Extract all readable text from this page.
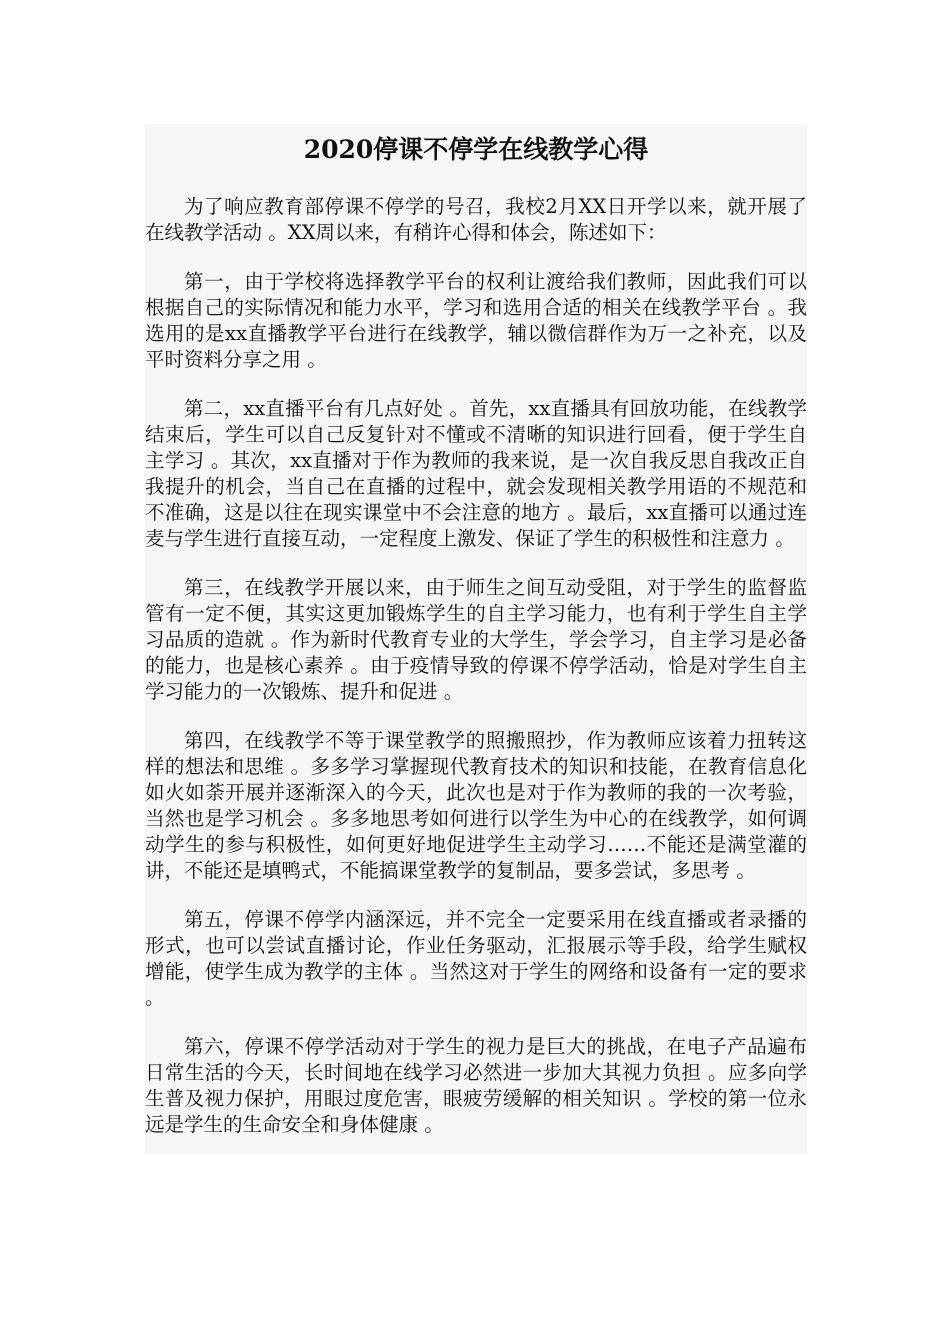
2020停课不停学在线教学心得

为了响应教育部停课不停学的号召，我校2月XX日开学以来，就开展了在线教学活动 。XX周以来，有稍许心得和体会，陈述如下：

第一，由于学校将选择教学平台的权利让渡给我们教师，因此我们可以根据自己的实际情况和能力水平，学习和选用合适的相关在线教学平台 。我选用的是xx直播教学平台进行在线教学，辅以微信群作为万一之补充，以及平时资料分享之用 。

第二，xx直播平台有几点好处 。首先，xx直播具有回放功能，在线教学结束后，学生可以自己反复针对不懂或不清晰的知识进行回看，便于学生自主学习 。其次，xx直播对于作为教师的我来说，是一次自我反思自我改正自我提升的机会，当自己在直播的过程中，就会发现相关教学用语的不规范和不准确，这是以往在现实课堂中不会注意的地方 。最后，xx直播可以通过连麦与学生进行直接互动，一定程度上激发、保证了学生的积极性和注意力 。

第三，在线教学开展以来，由于师生之间互动受阻，对于学生的监督监管有一定不便，其实这更加锻炼学生的自主学习能力，也有利于学生自主学习品质的造就 。作为新时代教育专业的大学生，学会学习，自主学习是必备的能力，也是核心素养 。由于疫情导致的停课不停学活动，恰是对学生自主学习能力的一次锻炼、提升和促进 。

第四，在线教学不等于课堂教学的照搬照抄，作为教师应该着力扭转这样的想法和思维 。多多学习掌握现代教育技术的知识和技能，在教育信息化如火如荼开展并逐渐深入的今天，此次也是对于作为教师的我的一次考验，当然也是学习机会 。多多地思考如何进行以学生为中心的在线教学，如何调动学生的参与积极性，如何更好地促进学生主动学习……不能还是满堂灌的讲，不能还是填鸭式，不能搞课堂教学的复制品，要多尝试，多思考 。

第五，停课不停学内涵深远，并不完全一定要采用在线直播或者录播的形式，也可以尝试直播讨论，作业任务驱动，汇报展示等手段，给学生赋权增能，使学生成为教学的主体 。当然这对于学生的网络和设备有一定的要求 。

第六，停课不停学活动对于学生的视力是巨大的挑战，在电子产品遍布日常生活的今天，长时间地在线学习必然进一步加大其视力负担 。应多向学生普及视力保护，用眼过度危害，眼疲劳缓解的相关知识 。学校的第一位永远是学生的生命安全和身体健康 。
